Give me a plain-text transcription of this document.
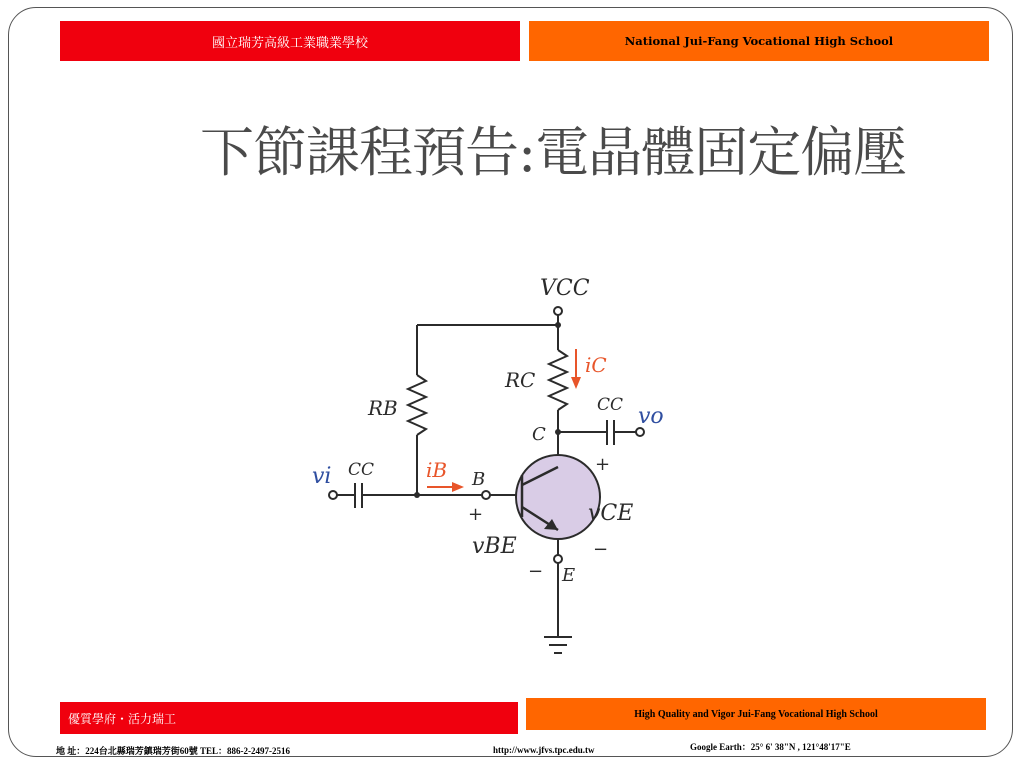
國立瑞芳高級工業職業學校	National Jui-Fang Vocational High School
下節課程預告:電晶體固定偏壓
VCC
RC
iC
RB	CC vo
C
vi CC	iB B
+
vCE
−
+
vBE
− E
優質學府・活力瑞工	High Quality and Vigor Jui-Fang Vocational High School
地 址：224台北縣瑞芳鎮瑞芳街60號 TEL：886-2-2497-2516	http://www.jfvs.tpc.edu.tw	Google Earth：25° 6' 38"N , 121°48'17"E
